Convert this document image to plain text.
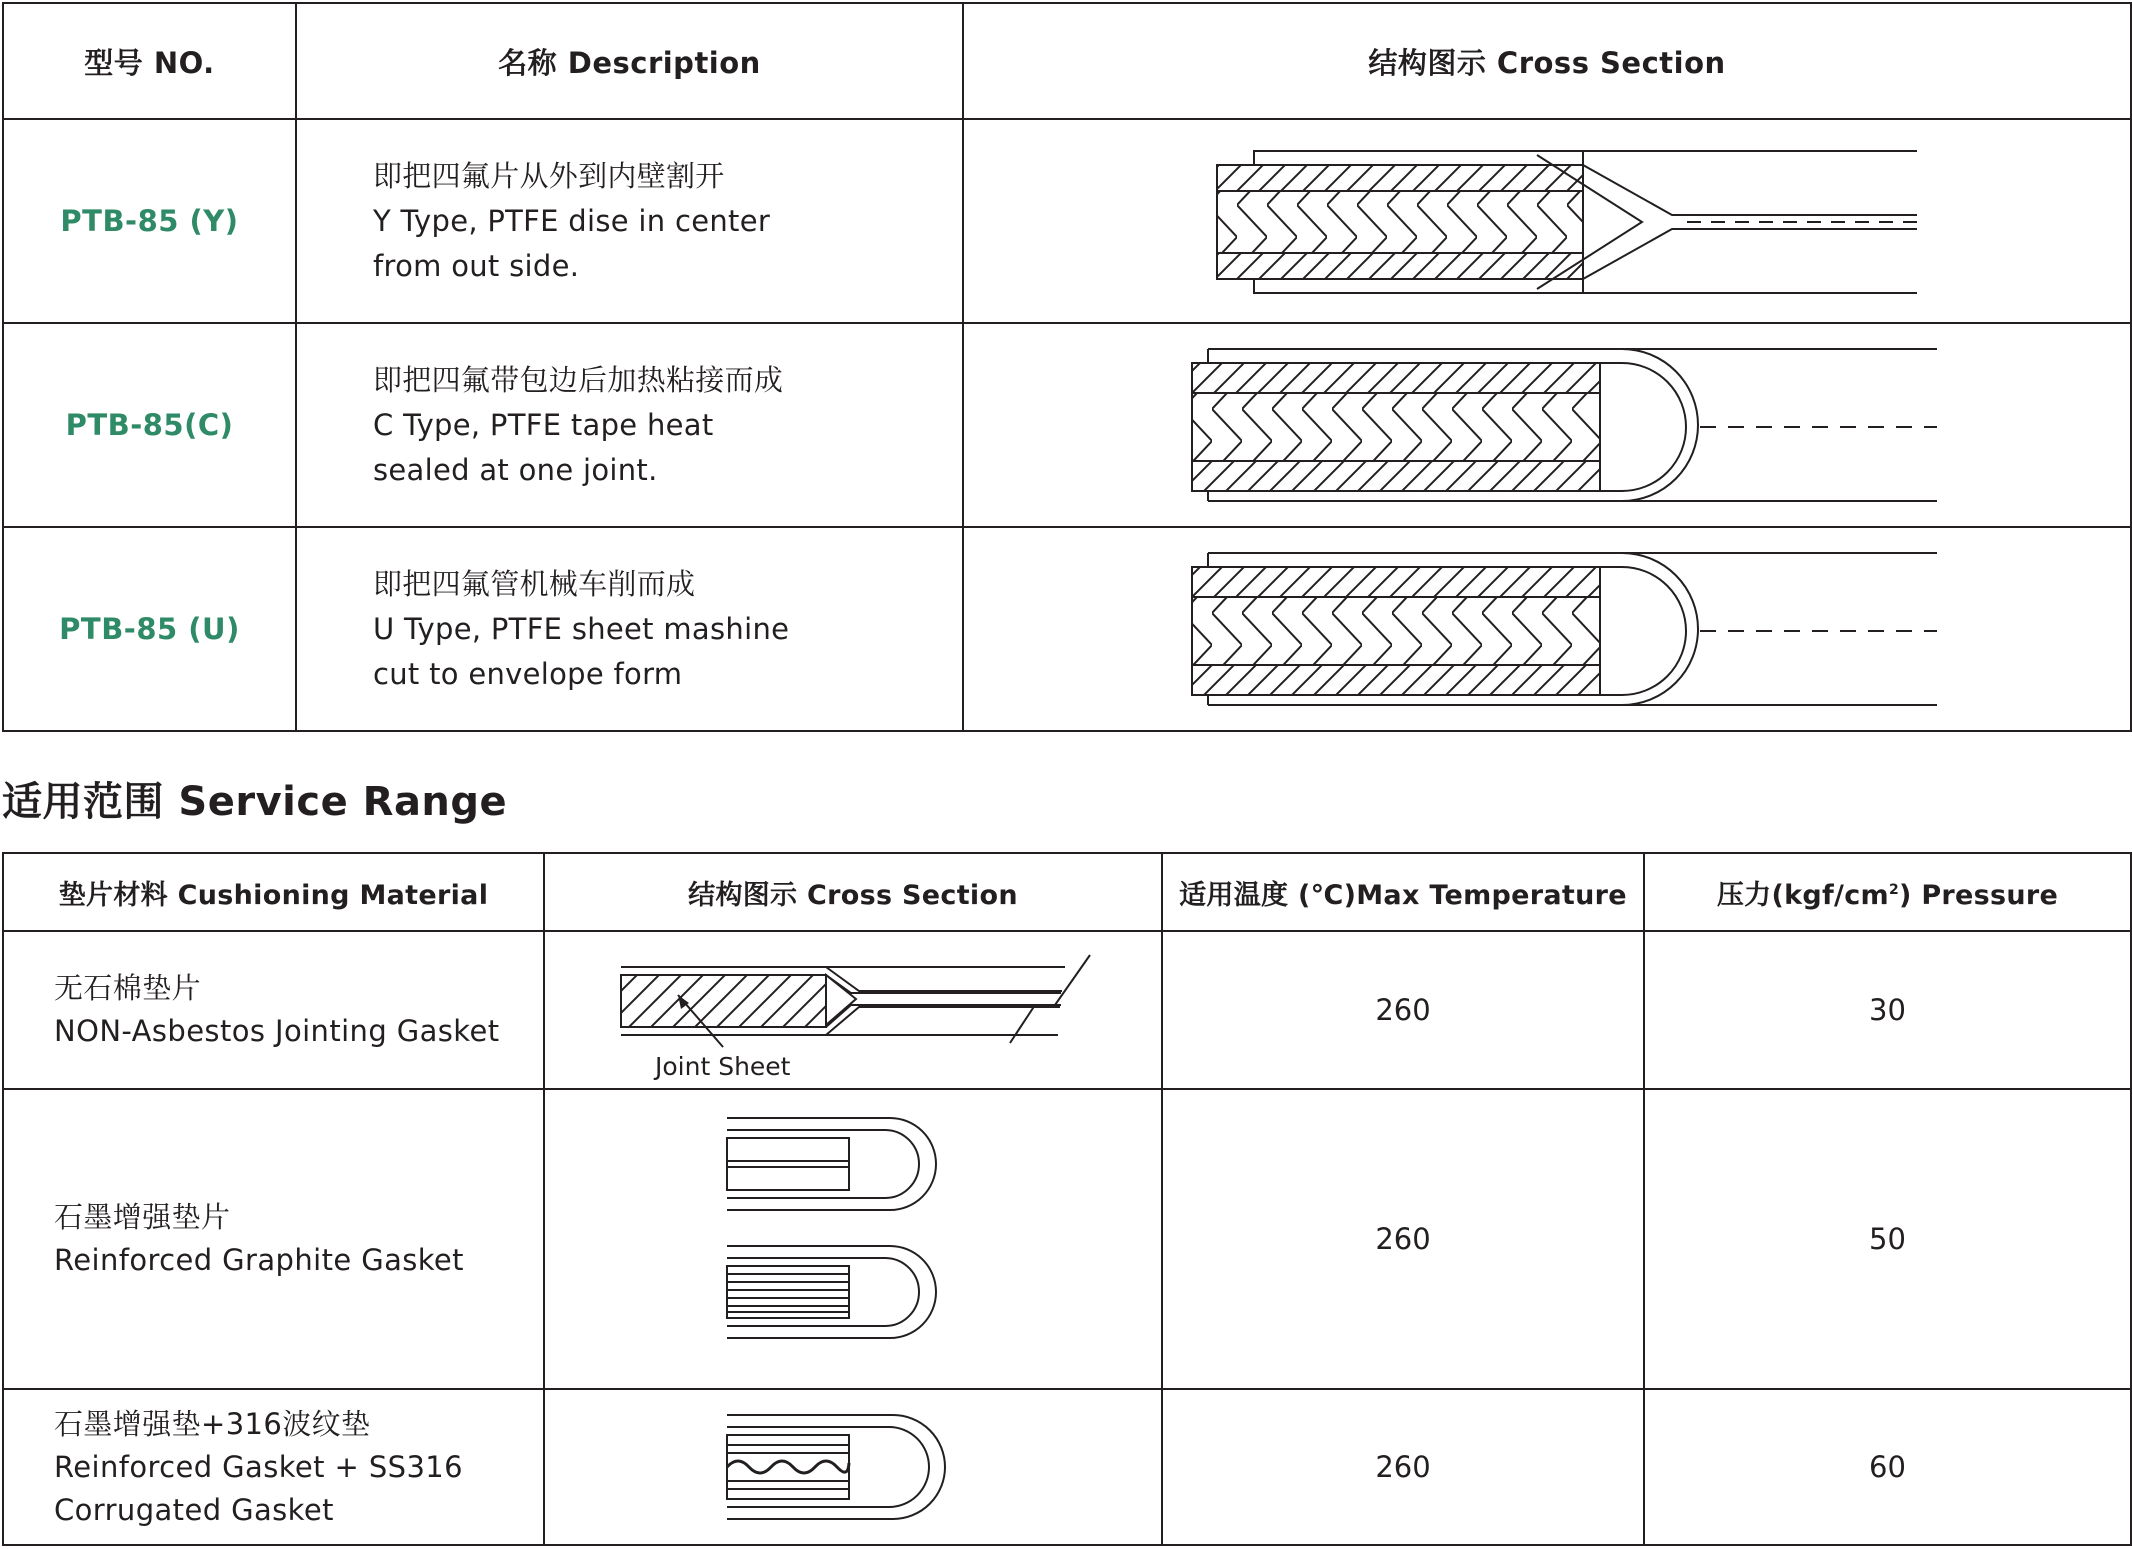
型号 NO.	名称 Description	结构图示 Cross Section
PTB-85 (Y)	即把四氟片从外到内壁割开
Y Type, PTFE dise in center
from out side.

PTB-85(C)	即把四氟带包边后加热粘接而成
C Type, PTFE tape heat
sealed at one joint.

PTB-85 (U)	即把四氟管机械车削而成
U Type, PTFE sheet mashine
cut to envelope form

适用范围 Service Range
垫片材料 Cushioning Material	结构图示 Cross Section	适用温度 (℃)Max Temperature	压力$(kgf/cm^2)$ Pressure

无石棉垫片
NON-Asbestos Jointing Gasket	Joint Sheet	260	30

石墨增强垫片
Reinforced Graphite Gasket		260	50

石墨增强垫+316波纹垫
Reinforced Gasket + SS316
Corrugated Gasket		260	60
